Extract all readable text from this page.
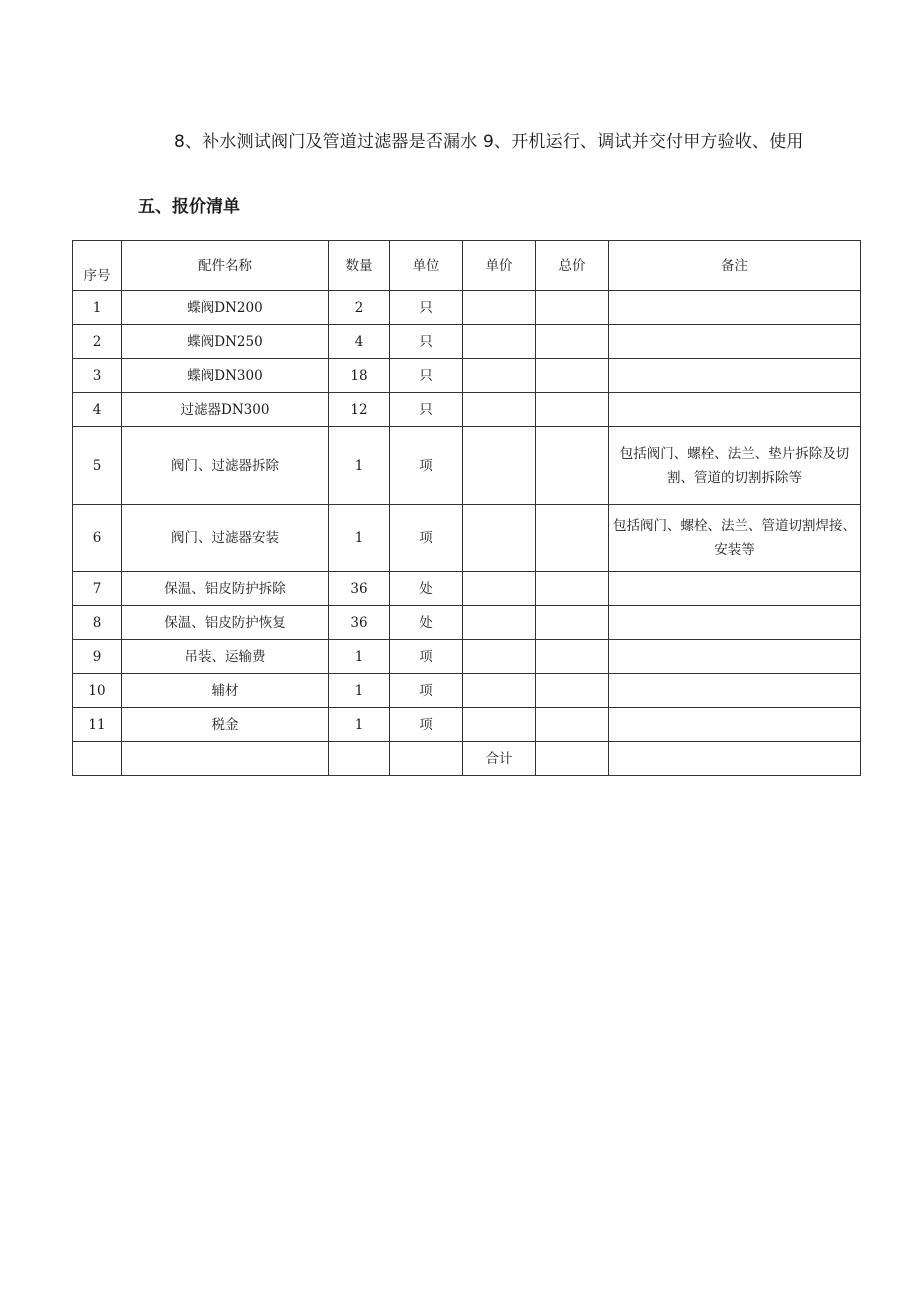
8、补水测试阀门及管道过滤器是否漏水 9、开机运行、调试并交付甲方验收、使用
五、报价清单
序号	配件名称	数量	单位	单价	总价	备注
1	蝶阀DN200	2	只			
2	蝶阀DN250	4	只			
3	蝶阀DN300	18	只			
4	过滤器DN300	12	只			
5	阀门、过滤器拆除	1	项			包括阀门、螺栓、法兰、垫片拆除及切割、管道的切割拆除等
6	阀门、过滤器安装	1	项			包括阀门、螺栓、法兰、管道切割焊接、安装等
7	保温、铝皮防护拆除	36	处			
8	保温、铝皮防护恢复	36	处			
9	吊装、运输费	1	项			
10	辅材	1	项			
11	税金	1	项			
				合计		
